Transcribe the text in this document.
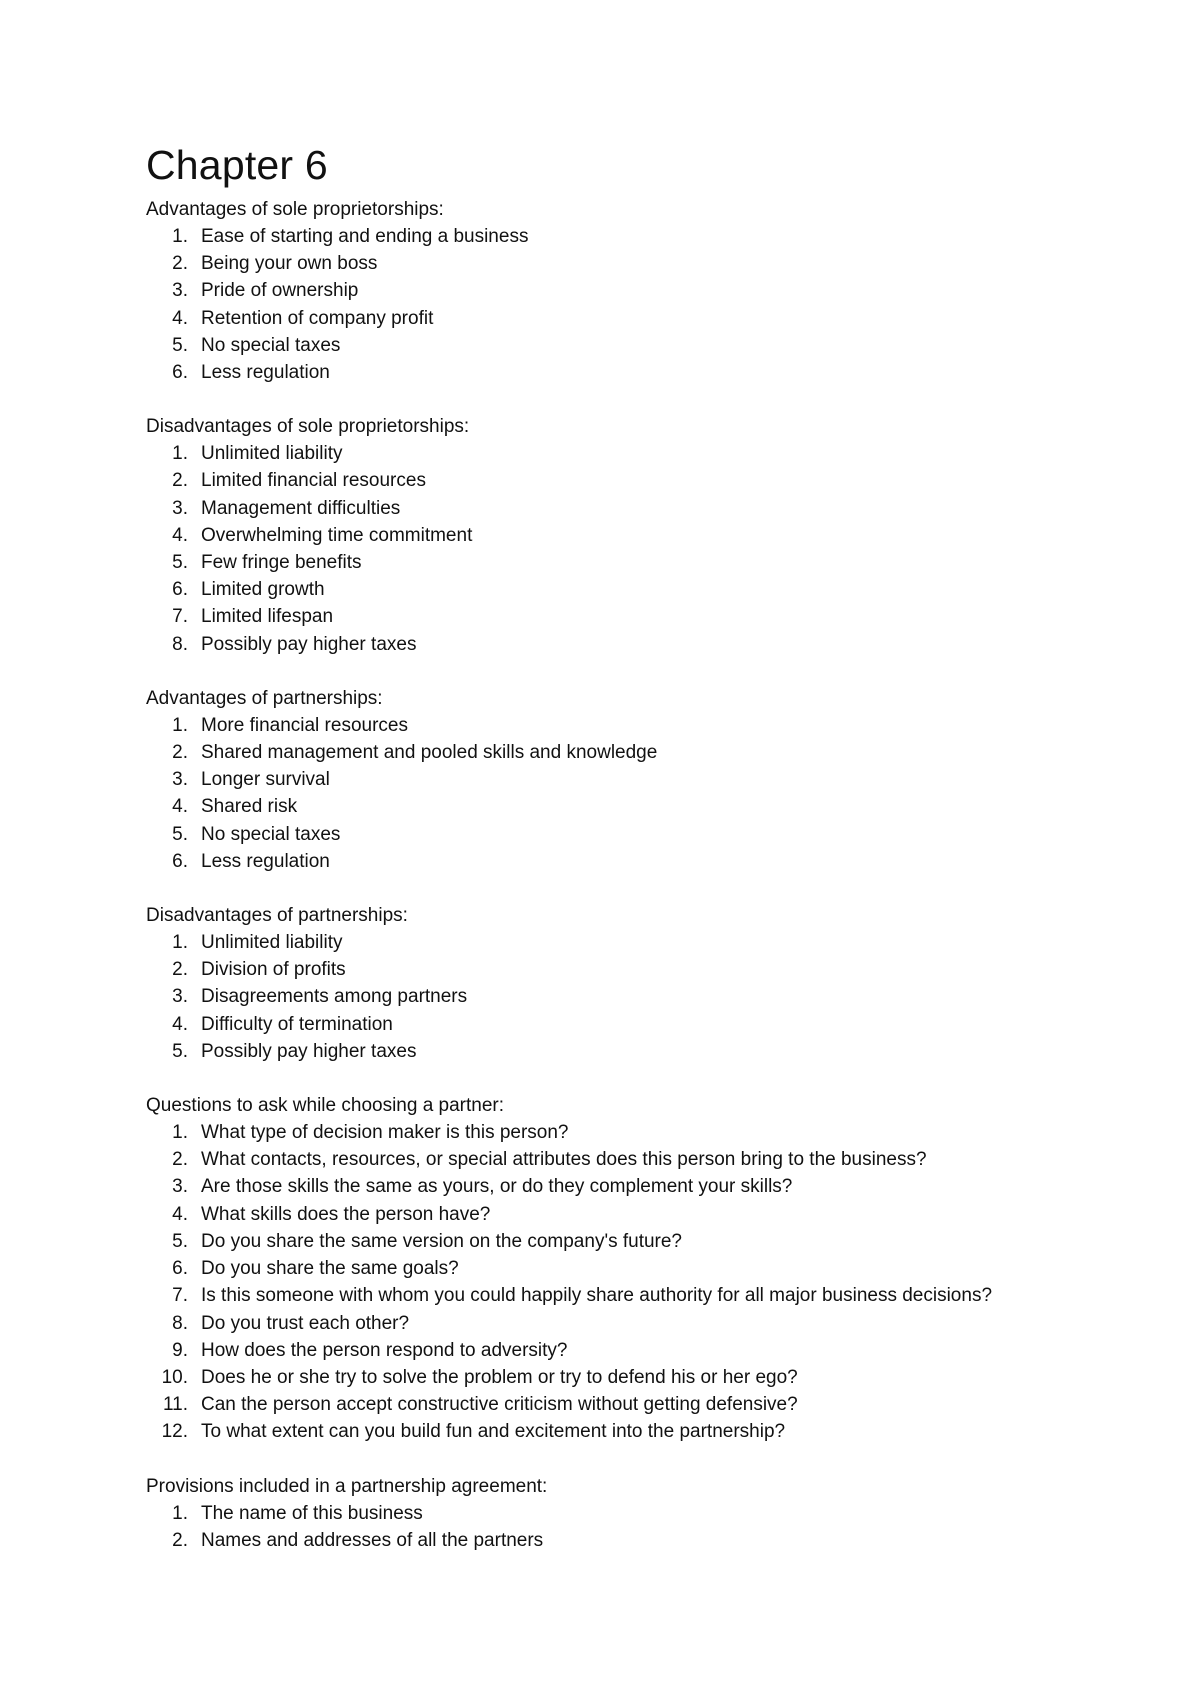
Chapter 6

Advantages of sole proprietorships:

1. Ease of starting and ending a business
2. Being your own boss
3. Pride of ownership
4. Retention of company profit
5. No special taxes
6. Less regulation

Disadvantages of sole proprietorships:

1. Unlimited liability
2. Limited financial resources
3. Management difficulties
4. Overwhelming time commitment
5. Few fringe benefits
6. Limited growth
7. Limited lifespan
8. Possibly pay higher taxes

Advantages of partnerships:

1. More financial resources
2. Shared management and pooled skills and knowledge
3. Longer survival
4. Shared risk
5. No special taxes
6. Less regulation

Disadvantages of partnerships:

1. Unlimited liability
2. Division of profits
3. Disagreements among partners
4. Difficulty of termination
5. Possibly pay higher taxes

Questions to ask while choosing a partner:

1. What type of decision maker is this person?
2. What contacts, resources, or special attributes does this person bring to the business?
3. Are those skills the same as yours, or do they complement your skills?
4. What skills does the person have?
5. Do you share the same version on the company's future?
6. Do you share the same goals?
7. Is this someone with whom you could happily share authority for all major business decisions?
8. Do you trust each other?
9. How does the person respond to adversity?
10. Does he or she try to solve the problem or try to defend his or her ego?
11. Can the person accept constructive criticism without getting defensive?
12. To what extent can you build fun and excitement into the partnership?

Provisions included in a partnership agreement:

1. The name of this business
2. Names and addresses of all the partners
